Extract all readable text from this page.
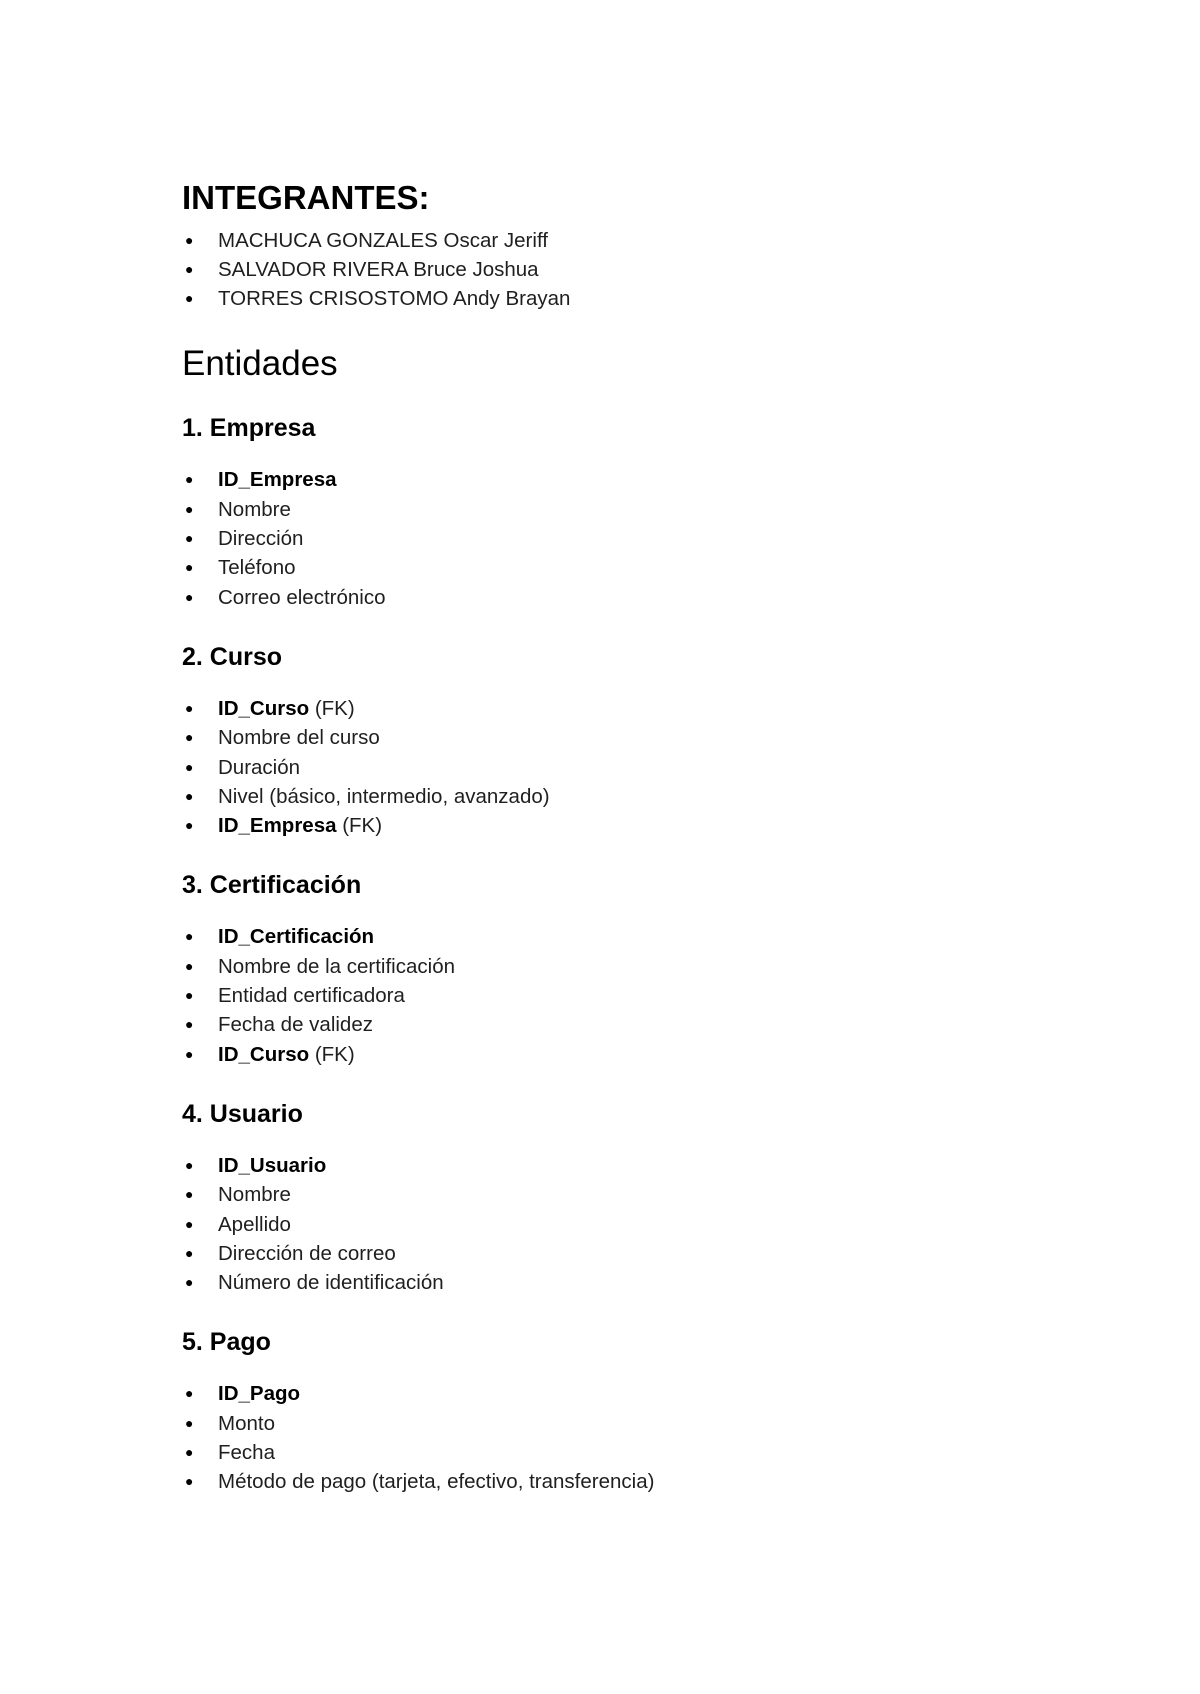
INTEGRANTES:
● MACHUCA GONZALES Oscar Jeriff
● SALVADOR RIVERA Bruce Joshua
● TORRES CRISOSTOMO Andy Brayan
Entidades
1. Empresa
● ID_Empresa
● Nombre
● Dirección
● Teléfono
● Correo electrónico
2. Curso
● ID_Curso (FK)
● Nombre del curso
● Duración
● Nivel (básico, intermedio, avanzado)
● ID_Empresa (FK)
3. Certificación
● ID_Certificación
● Nombre de la certificación
● Entidad certificadora
● Fecha de validez
● ID_Curso (FK)
4. Usuario
● ID_Usuario
● Nombre
● Apellido
● Dirección de correo
● Número de identificación
5. Pago
● ID_Pago
● Monto
● Fecha
● Método de pago (tarjeta, efectivo, transferencia)
